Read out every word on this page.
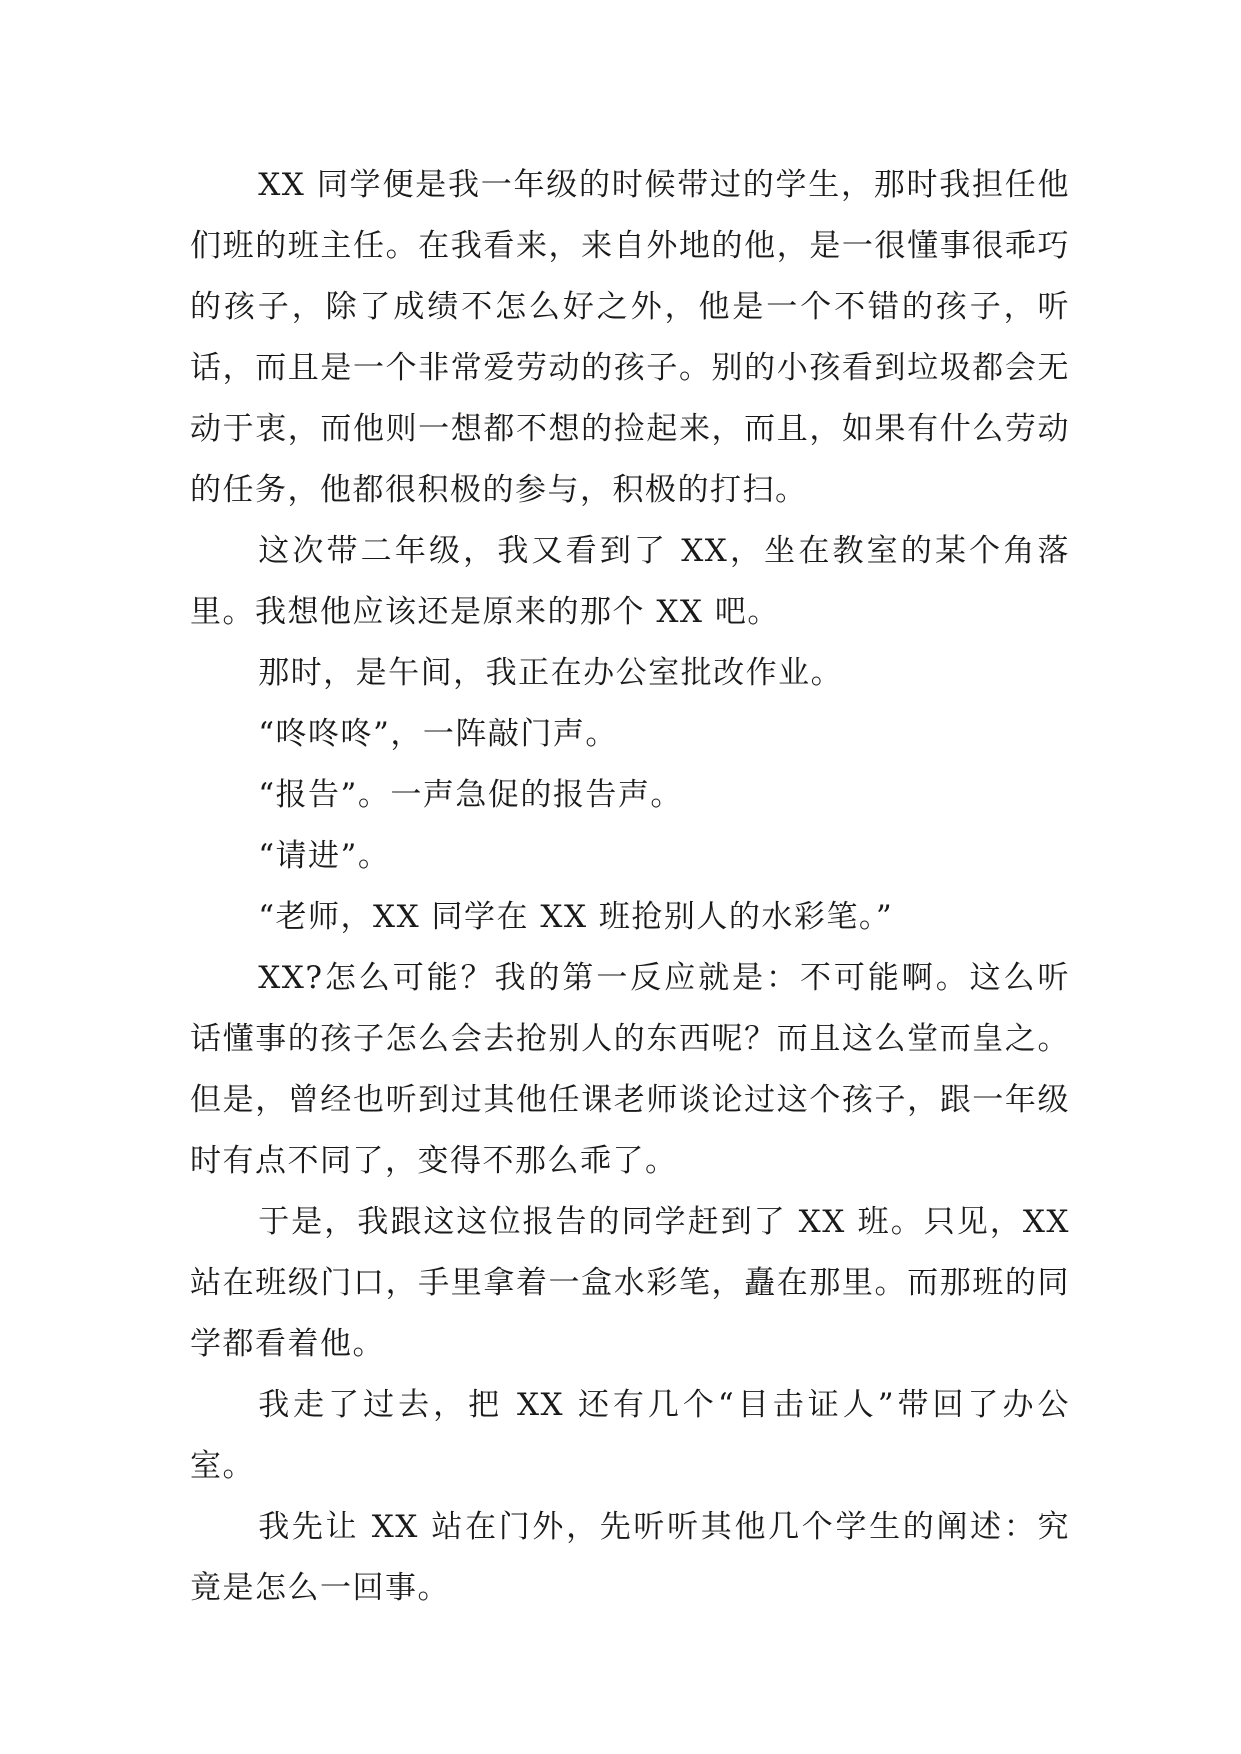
XX 同学便是我一年级的时候带过的学生，那时我担任他们班的班主任。在我看来，来自外地的他，是一很懂事很乖巧的孩子，除了成绩不怎么好之外，他是一个不错的孩子，听话，而且是一个非常爱劳动的孩子。别的小孩看到垃圾都会无动于衷，而他则一想都不想的捡起来，而且，如果有什么劳动的任务，他都很积极的参与，积极的打扫。

这次带二年级，我又看到了 XX，坐在教室的某个角落里。我想他应该还是原来的那个 XX 吧。

那时，是午间，我正在办公室批改作业。

“咚咚咚”，一阵敲门声。

“报告”。一声急促的报告声。

“请进”。

“老师，XX 同学在 XX 班抢别人的水彩笔。”

XX?怎么可能？我的第一反应就是：不可能啊。这么听话懂事的孩子怎么会去抢别人的东西呢？而且这么堂而皇之。但是，曾经也听到过其他任课老师谈论过这个孩子，跟一年级时有点不同了，变得不那么乖了。

于是，我跟这这位报告的同学赶到了 XX 班。只见，XX 站在班级门口，手里拿着一盒水彩笔，矗在那里。而那班的同学都看着他。

我走了过去，把 XX 还有几个“目击证人”带回了办公室。

我先让 XX 站在门外，先听听其他几个学生的阐述：究竟是怎么一回事。
